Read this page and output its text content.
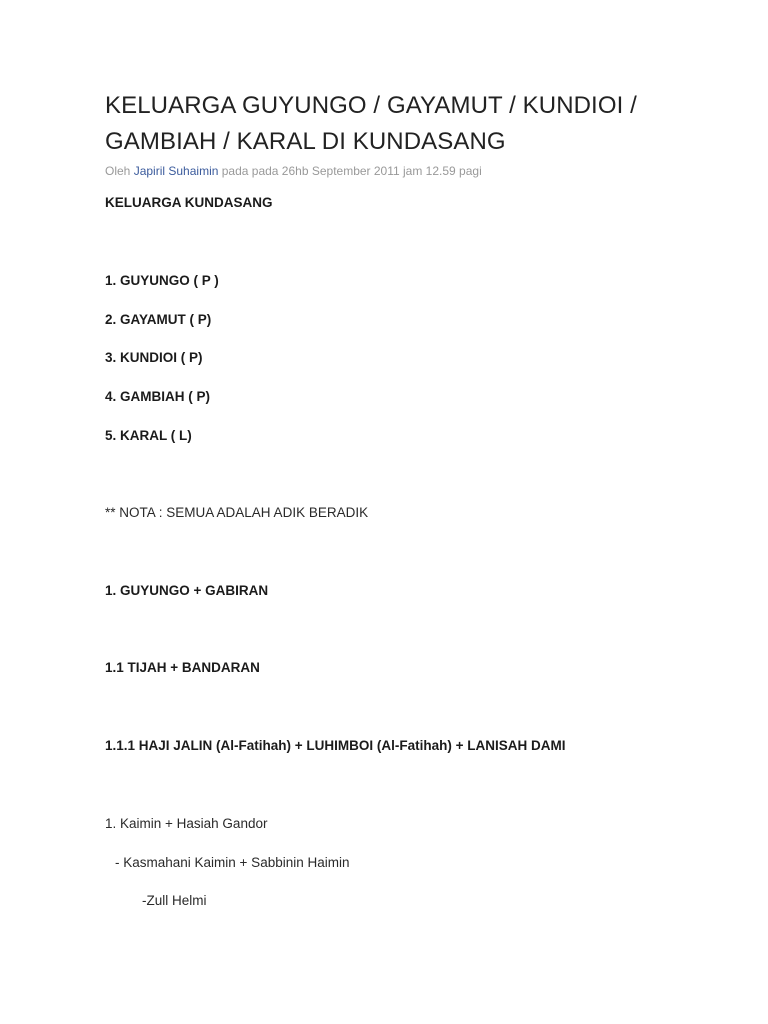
KELUARGA GUYUNGO / GAYAMUT / KUNDIOI / GAMBIAH / KARAL DI KUNDASANG
Oleh Japiril Suhaimin pada pada 26hb September 2011 jam 12.59 pagi
KELUARGA KUNDASANG
1. GUYUNGO ( P )
2. GAYAMUT ( P)
3. KUNDIOI ( P)
4. GAMBIAH ( P)
5. KARAL ( L)
** NOTA : SEMUA ADALAH ADIK BERADIK
1. GUYUNGO + GABIRAN
1.1 TIJAH + BANDARAN
1.1.1 HAJI JALIN (Al-Fatihah) + LUHIMBOI (Al-Fatihah) + LANISAH DAMI
1. Kaimin + Hasiah Gandor
- Kasmahani Kaimin + Sabbinin Haimin
-Zull Helmi
